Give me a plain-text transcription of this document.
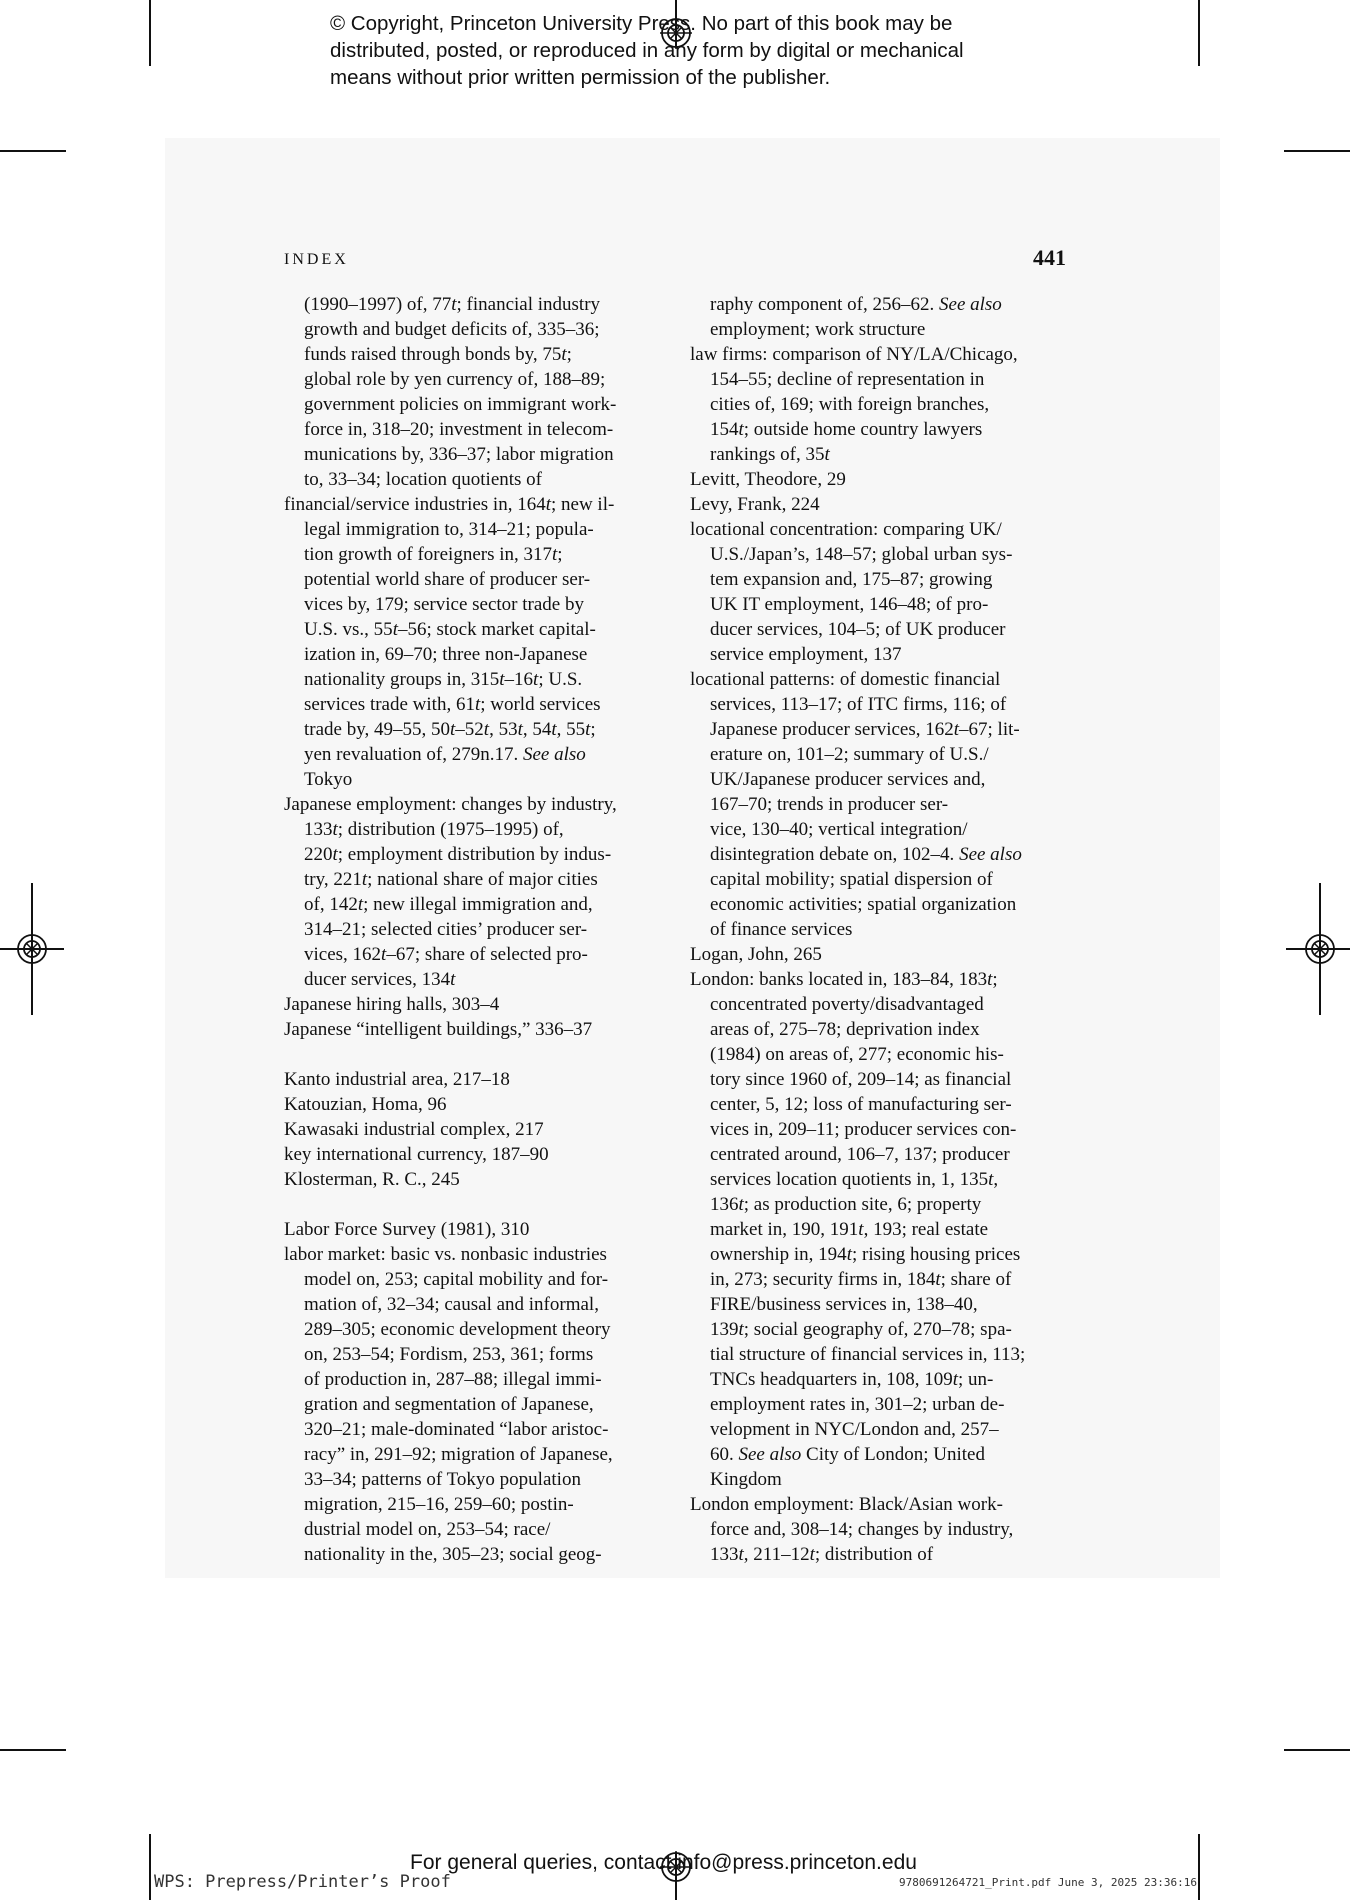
© Copyright, Princeton University Press. No part of this book may be
distributed, posted, or reproduced in any form by digital or mechanical
means without prior written permission of the publisher.
INDEX	441
(1990–1997) of, 77t; financial industry
growth and budget deficits of, 335–36;
funds raised through bonds by, 75t;
global role by yen currency of, 188–89;
government policies on immigrant work-
force in, 318–20; investment in telecom-
munications by, 336–37; labor migration
to, 33–34; location quotients of
financial/service industries in, 164t; new il-
legal immigration to, 314–21; popula-
tion growth of foreigners in, 317t;
potential world share of producer ser-
vices by, 179; service sector trade by
U.S. vs., 55t–56; stock market capital-
ization in, 69–70; three non-Japanese
nationality groups in, 315t–16t; U.S.
services trade with, 61t; world services
trade by, 49–55, 50t–52t, 53t, 54t, 55t;
yen revaluation of, 279n.17. See also
Tokyo
Japanese employment: changes by industry,
133t; distribution (1975–1995) of,
220t; employment distribution by indus-
try, 221t; national share of major cities
of, 142t; new illegal immigration and,
314–21; selected cities’ producer ser-
vices, 162t–67; share of selected pro-
ducer services, 134t
Japanese hiring halls, 303–4
Japanese “intelligent buildings,” 336–37
Kanto industrial area, 217–18
Katouzian, Homa, 96
Kawasaki industrial complex, 217
key international currency, 187–90
Klosterman, R. C., 245
Labor Force Survey (1981), 310
labor market: basic vs. nonbasic industries
model on, 253; capital mobility and for-
mation of, 32–34; causal and informal,
289–305; economic development theory
on, 253–54; Fordism, 253, 361; forms
of production in, 287–88; illegal immi-
gration and segmentation of Japanese,
320–21; male-dominated “labor aristoc-
racy” in, 291–92; migration of Japanese,
33–34; patterns of Tokyo population
migration, 215–16, 259–60; postin-
dustrial model on, 253–54; race/
nationality in the, 305–23; social geog-
raphy component of, 256–62. See also
employment; work structure
law firms: comparison of NY/LA/Chicago,
154–55; decline of representation in
cities of, 169; with foreign branches,
154t; outside home country lawyers
rankings of, 35t
Levitt, Theodore, 29
Levy, Frank, 224
locational concentration: comparing UK/
U.S./Japan’s, 148–57; global urban sys-
tem expansion and, 175–87; growing
UK IT employment, 146–48; of pro-
ducer services, 104–5; of UK producer
service employment, 137
locational patterns: of domestic financial
services, 113–17; of ITC firms, 116; of
Japanese producer services, 162t–67; lit-
erature on, 101–2; summary of U.S./
UK/Japanese producer services and,
167–70; trends in producer ser-
vice, 130–40; vertical integration/
disintegration debate on, 102–4. See also
capital mobility; spatial dispersion of
economic activities; spatial organization
of finance services
Logan, John, 265
London: banks located in, 183–84, 183t;
concentrated poverty/disadvantaged
areas of, 275–78; deprivation index
(1984) on areas of, 277; economic his-
tory since 1960 of, 209–14; as financial
center, 5, 12; loss of manufacturing ser-
vices in, 209–11; producer services con-
centrated around, 106–7, 137; producer
services location quotients in, 1, 135t,
136t; as production site, 6; property
market in, 190, 191t, 193; real estate
ownership in, 194t; rising housing prices
in, 273; security firms in, 184t; share of
FIRE/business services in, 138–40,
139t; social geography of, 270–78; spa-
tial structure of financial services in, 113;
TNCs headquarters in, 108, 109t; un-
employment rates in, 301–2; urban de-
velopment in NYC/London and, 257–
60. See also City of London; United
Kingdom
London employment: Black/Asian work-
force and, 308–14; changes by industry,
133t, 211–12t; distribution of
For general queries, contact info@press.princeton.edu
WPS: Prepress/Printer’s Proof	9780691264721_Print.pdf June 3, 2025 23:36:16
